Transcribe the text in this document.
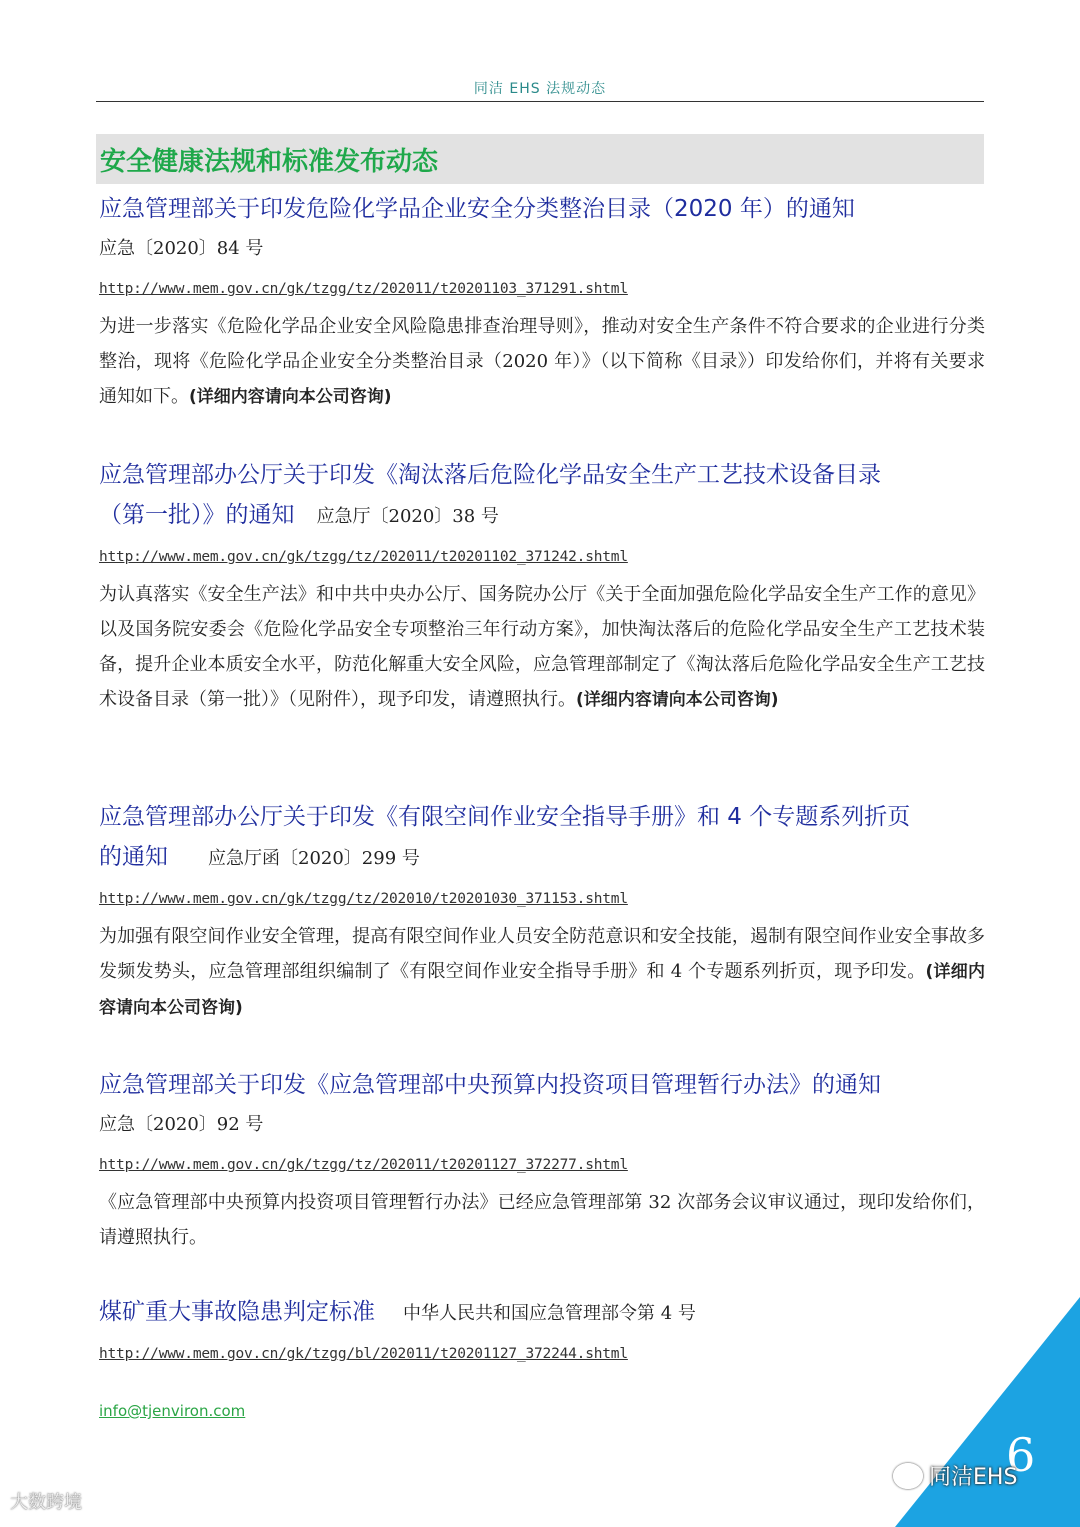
同洁 EHS 法规动态
安全健康法规和标准发布动态

应急管理部关于印发危险化学品企业安全分类整治目录（2020 年）的通知

应急〔2020〕84 号
http://www.mem.gov.cn/gk/tzgg/tz/202011/t20201103_371291.shtml

为进一步落实《危险化学品企业安全风险隐患排查治理导则》，推动对安全生产条件不符合要求的企业进行分类整治，现将《危险化学品企业安全分类整治目录（2020 年）》（以下简称《目录》）印发给你们，并将有关要求通知如下。(详细内容请向本公司咨询)

应急管理部办公厅关于印发《淘汰落后危险化学品安全生产工艺技术设备目录

（第一批）》的通知 应急厅〔2020〕38 号

http://www.mem.gov.cn/gk/tzgg/tz/202011/t20201102_371242.shtml

为认真落实《安全生产法》和中共中央办公厅、国务院办公厅《关于全面加强危险化学品安全生产工作的意见》以及国务院安委会《危险化学品安全专项整治三年行动方案》，加快淘汰落后的危险化学品安全生产工艺技术装备，提升企业本质安全水平，防范化解重大安全风险，应急管理部制定了《淘汰落后危险化学品安全生产工艺技术设备目录（第一批）》（见附件），现予印发，请遵照执行。(详细内容请向本公司咨询)

应急管理部办公厅关于印发《有限空间作业安全指导手册》和 4 个专题系列折页

的通知 应急厅函〔2020〕299 号

http://www.mem.gov.cn/gk/tzgg/tz/202010/t20201030_371153.shtml

为加强有限空间作业安全管理，提高有限空间作业人员安全防范意识和安全技能，遏制有限空间作业安全事故多发频发势头，应急管理部组织编制了《有限空间作业安全指导手册》和 4 个专题系列折页，现予印发。(详细内容请向本公司咨询)

应急管理部关于印发《应急管理部中央预算内投资项目管理暂行办法》的通知

应急〔2020〕92 号
http://www.mem.gov.cn/gk/tzgg/tz/202011/t20201127_372277.shtml

《应急管理部中央预算内投资项目管理暂行办法》已经应急管理部第 32 次部务会议审议通过，现印发给你们，请遵照执行。

煤矿重大事故隐患判定标准 中华人民共和国应急管理部令第 4 号

http://www.mem.gov.cn/gk/tzgg/bl/202011/t20201127_372244.shtml
info@tjenviron.com
大数跨境
6
同洁EHS
